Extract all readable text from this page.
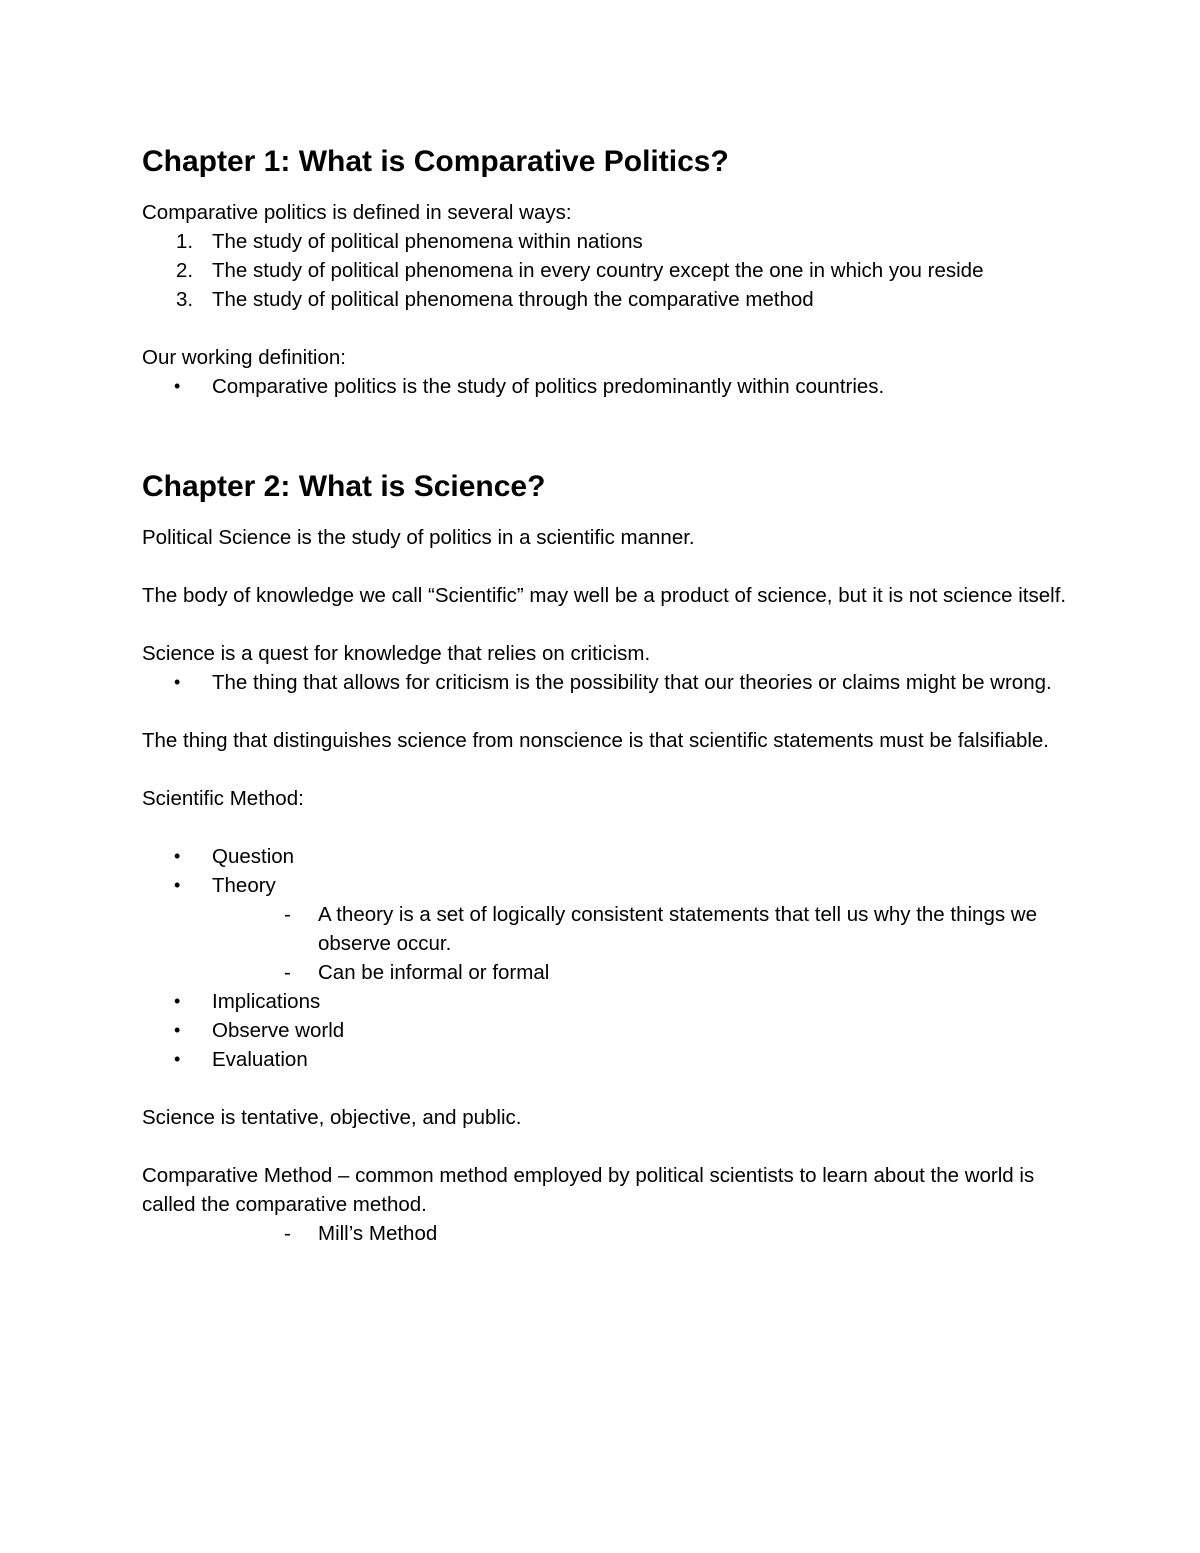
Chapter 1: What is Comparative Politics?

Comparative politics is defined in several ways:

1. The study of political phenomena within nations
2. The study of political phenomena in every country except the one in which you reside
3. The study of political phenomena through the comparative method

Our working definition:

•	Comparative politics is the study of politics predominantly within countries.
Chapter 2: What is Science?

Political Science is the study of politics in a scientific manner.

The body of knowledge we call “Scientific” may well be a product of science, but it is not science itself.

Science is a quest for knowledge that relies on criticism.

•	The thing that allows for criticism is the possibility that our theories or claims might be wrong.

The thing that distinguishes science from nonscience is that scientific statements must be falsifiable.

Scientific Method:

•	Question
•	Theory
- A theory is a set of logically consistent statements that tell us why the things we observe occur.
- Can be informal or formal
•	Implications
•	Observe world
•	Evaluation

Science is tentative, objective, and public.

Comparative Method – common method employed by political scientists to learn about the world is called the comparative method.

- Mill’s Method
